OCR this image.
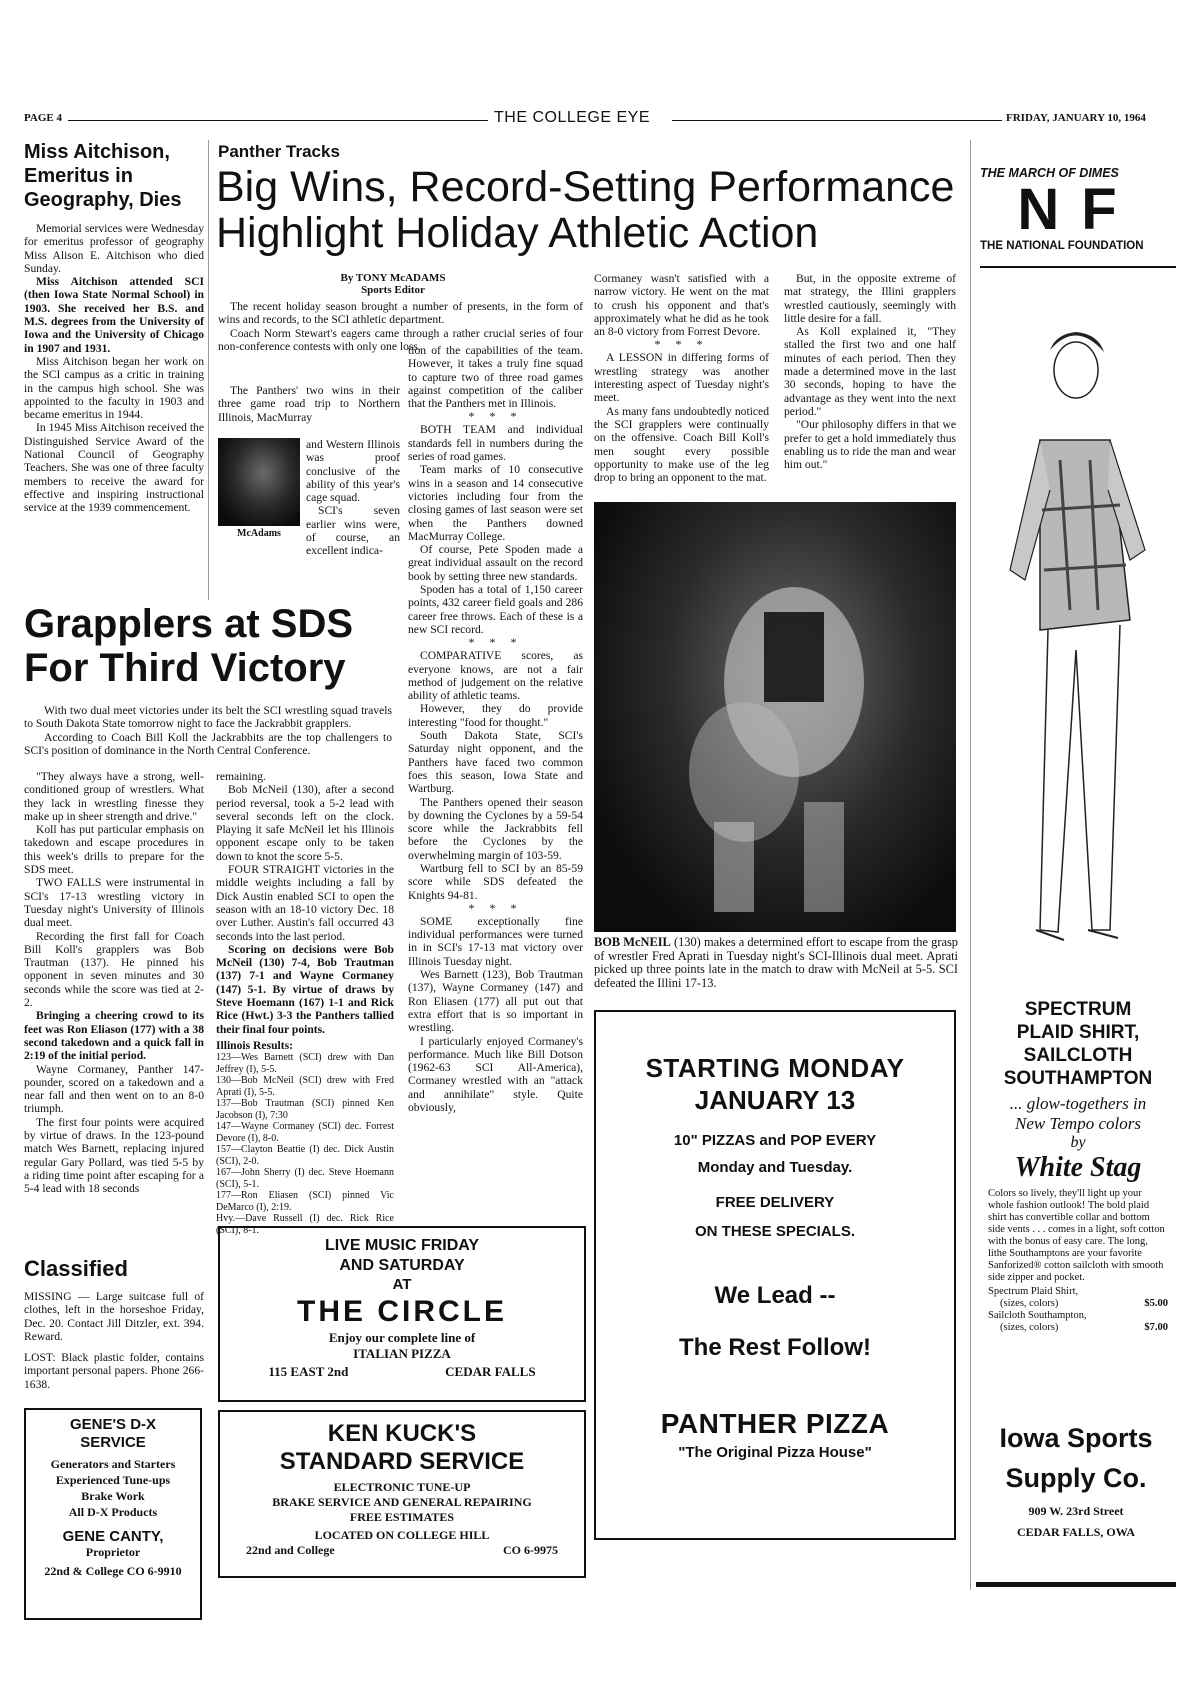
PAGE 4	THE COLLEGE EYE	FRIDAY, JANUARY 10, 1964
Miss Aitchison,
Emeritus in
Geography, Dies

Memorial services were Wednesday for emeritus professor of geography Miss Alison E. Aitchison who died Sunday.

Miss Aitchison attended SCI (then Iowa State Normal School) in 1903. She received her B.S. and M.S. degrees from the University of Iowa and the University of Chicago in 1907 and 1931.

Miss Aitchison began her work on the SCI campus as a critic in training in the campus high school. She was appointed to the faculty in 1903 and became emeritus in 1944.

In 1945 Miss Aitchison received the Distinguished Service Award of the National Council of Geography Teachers. She was one of three faculty members to receive the award for effective and inspiring instructional service at the 1939 commencement.

Panther Tracks
Big Wins, Record-Setting Performance
Highlight Holiday Athletic Action
By TONY McADAMS
Sports Editor

The recent holiday season brought a number of presents, in the form of wins and records, to the SCI athletic department.

Coach Norm Stewart's eagers came through a rather crucial series of four non-conference contests with only one loss.

The Panthers' two wins in their three game road trip to Northern Illinois, MacMurray

McAdams

and Western Illinois was proof conclusive of the ability of this year's cage squad.

SCI's seven earlier wins were, of course, an excellent indica-

tion of the capabilities of the team. However, it takes a truly fine squad to capture two of three road games against competition of the caliber that the Panthers met in Illinois.

* * *

BOTH TEAM and individual standards fell in numbers during the series of road games.

Team marks of 10 consecutive wins in a season and 14 consecutive victories including four from the closing games of last season were set when the Panthers downed MacMurray College.

Of course, Pete Spoden made a great individual assault on the record book by setting three new standards.

Spoden has a total of 1,150 career points, 432 career field goals and 286 career free throws. Each of these is a new SCI record.

* * *

COMPARATIVE scores, as everyone knows, are not a fair method of judgement on the relative ability of athletic teams.

However, they do provide interesting "food for thought."

South Dakota State, SCI's Saturday night opponent, and the Panthers have faced two common foes this season, Iowa State and Wartburg.

The Panthers opened their season by downing the Cyclones by a 59-54 score while the Jackrabbits fell before the Cyclones by the overwhelming margin of 103-59.

Wartburg fell to SCI by an 85-59 score while SDS defeated the Knights 94-81.

* * *

SOME exceptionally fine individual performances were turned in in SCI's 17-13 mat victory over Illinois Tuesday night.

Wes Barnett (123), Bob Trautman (137), Wayne Cormaney (147) and Ron Eliasen (177) all put out that extra effort that is so important in wrestling.

I particularly enjoyed Cormaney's performance. Much like Bill Dotson (1962-63 SCI All-America), Cormaney wrestled with an "attack and annihilate" style. Quite obviously,

Cormaney wasn't satisfied with a narrow victory. He went on the mat to crush his opponent and that's approximately what he did as he took an 8-0 victory from Forrest Devore.

* * *

A LESSON in differing forms of wrestling strategy was another interesting aspect of Tuesday night's meet.

As many fans undoubtedly noticed the SCI grapplers were continually on the offensive. Coach Bill Koll's men sought every possible opportunity to make use of the leg drop to bring an opponent to the mat.

But, in the opposite extreme of mat strategy, the Illini grapplers wrestled cautiously, seemingly with little desire for a fall.

As Koll explained it, "They stalled the first two and one half minutes of each period. Then they made a determined move in the last 30 seconds, hoping to have the advantage as they went into the next period."

"Our philosophy differs in that we prefer to get a hold immediately thus enabling us to ride the man and wear him out."

BOB McNEIL (130) makes a determined effort to escape from the grasp of wrestler Fred Aprati in Tuesday night's SCI-Illinois dual meet. Aprati picked up three points late in the match to draw with McNeil at 5-5. SCI defeated the Illini 17-13.
Grapplers at SDS
For Third Victory

With two dual meet victories under its belt the SCI wrestling squad travels to South Dakota State tomorrow night to face the Jackrabbit grapplers.

According to Coach Bill Koll the Jackrabbits are the top challengers to SCI's position of dominance in the North Central Conference.

"They always have a strong, well-conditioned group of wrestlers. What they lack in wrestling finesse they make up in sheer strength and drive."

Koll has put particular emphasis on takedown and escape procedures in this week's drills to prepare for the SDS meet.

TWO FALLS were instrumental in SCI's 17-13 wrestling victory in Tuesday night's University of Illinois dual meet.

Recording the first fall for Coach Bill Koll's grapplers was Bob Trautman (137). He pinned his opponent in seven minutes and 30 seconds while the score was tied at 2-2.

Bringing a cheering crowd to its feet was Ron Eliason (177) with a 38 second takedown and a quick fall in 2:19 of the initial period.

Wayne Cormaney, Panther 147-pounder, scored on a takedown and a near fall and then went on to an 8-0 triumph.

The first four points were acquired by virtue of draws. In the 123-pound match Wes Barnett, replacing injured regular Gary Pollard, was tied 5-5 by a riding time point after escaping for a 5-4 lead with 18 seconds

remaining.

Bob McNeil (130), after a second period reversal, took a 5-2 lead with several seconds left on the clock. Playing it safe McNeil let his Illinois opponent escape only to be taken down to knot the score 5-5.

FOUR STRAIGHT victories in the middle weights including a fall by Dick Austin enabled SCI to open the season with an 18-10 victory Dec. 18 over Luther. Austin's fall occurred 43 seconds into the last period.

Scoring on decisions were Bob McNeil (130) 7-4, Bob Trautman (137) 7-1 and Wayne Cormaney (147) 5-1. By virtue of draws by Steve Hoemann (167) 1-1 and Rick Rice (Hwt.) 3-3 the Panthers tallied their final four points.

Illinois Results:
123—Wes Barnett (SCI) drew with Dan Jeffrey (I), 5-5.
130—Bob McNeil (SCI) drew with Fred Aprati (I), 5-5.
137—Bob Trautman (SCI) pinned Ken Jacobson (I), 7:30
147—Wayne Cormaney (SCI) dec. Forrest Devore (I), 8-0.
157—Clayton Beattie (I) dec. Dick Austin (SCI), 2-0.
167—John Sherry (I) dec. Steve Hoemann (SCI), 5-1.
177—Ron Eliasen (SCI) pinned Vic DeMarco (I), 2:19.
Hvy.—Dave Russell (I) dec. Rick Rice (SCI), 8-1.
Classified

MISSING — Large suitcase full of clothes, left in the horseshoe Friday, Dec. 20. Contact Jill Ditzler, ext. 394. Reward.

LOST: Black plastic folder, contains important personal papers. Phone 266-1638.

GENE'S D-X
SERVICE
Generators and Starters
Experienced Tune-ups
Brake Work
All D-X Products
GENE CANTY,
Proprietor
22nd & College CO 6-9910
LIVE MUSIC FRIDAY
AND SATURDAY
AT
THE CIRCLE
Enjoy our complete line of
ITALIAN PIZZA
115 EAST 2nd	CEDAR FALLS
KEN KUCK'S
STANDARD SERVICE
ELECTRONIC TUNE-UP
BRAKE SERVICE AND GENERAL REPAIRING
FREE ESTIMATES
LOCATED ON COLLEGE HILL
22nd and College	CO 6-9975
STARTING MONDAY
JANUARY 13
10" PIZZAS and POP EVERY
Monday and Tuesday.
FREE DELIVERY
ON THESE SPECIALS.
We Lead --
The Rest Follow!
PANTHER PIZZA
"The Original Pizza House"
THE MARCH OF DIMES
NF
THE NATIONAL FOUNDATION
SPECTRUM
PLAID SHIRT,
SAILCLOTH
SOUTHAMPTON
... glow-togethers in
New Tempo colors
by
White Stag
Colors so lively, they'll light up your whole fashion outlook! The bold plaid shirt has convertible collar and bottom side vents . . . comes in a light, soft cotton with the bonus of easy care. The long, lithe Southamptons are your favorite Sanforized® cotton sailcloth with smooth side zipper and pocket.
Spectrum Plaid Shirt,
(sizes, colors)	$5.00
Sailcloth Southampton,
(sizes, colors)	$7.00
Iowa Sports
Supply Co.
909 W. 23rd Street
CEDAR FALLS, OWA
